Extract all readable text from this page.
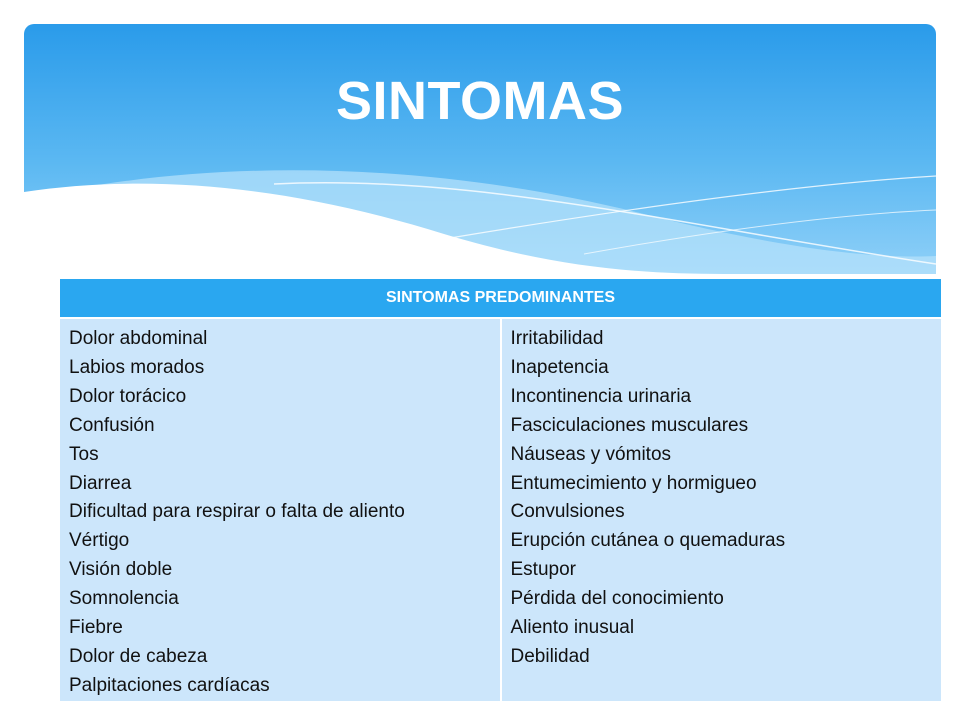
SINTOMAS
SINTOMAS PREDOMINANTES

Dolor abdominal
Labios morados
Dolor torácico
Confusión
Tos
Diarrea
Dificultad para respirar o falta de aliento
Vértigo
Visión doble
Somnolencia
Fiebre
Dolor de cabeza
Palpitaciones cardíacas

Irritabilidad
Inapetencia
Incontinencia urinaria
Fasciculaciones musculares
Náuseas y vómitos
Entumecimiento y hormigueo
Convulsiones
Erupción cutánea o quemaduras
Estupor
Pérdida del conocimiento
Aliento inusual
Debilidad
